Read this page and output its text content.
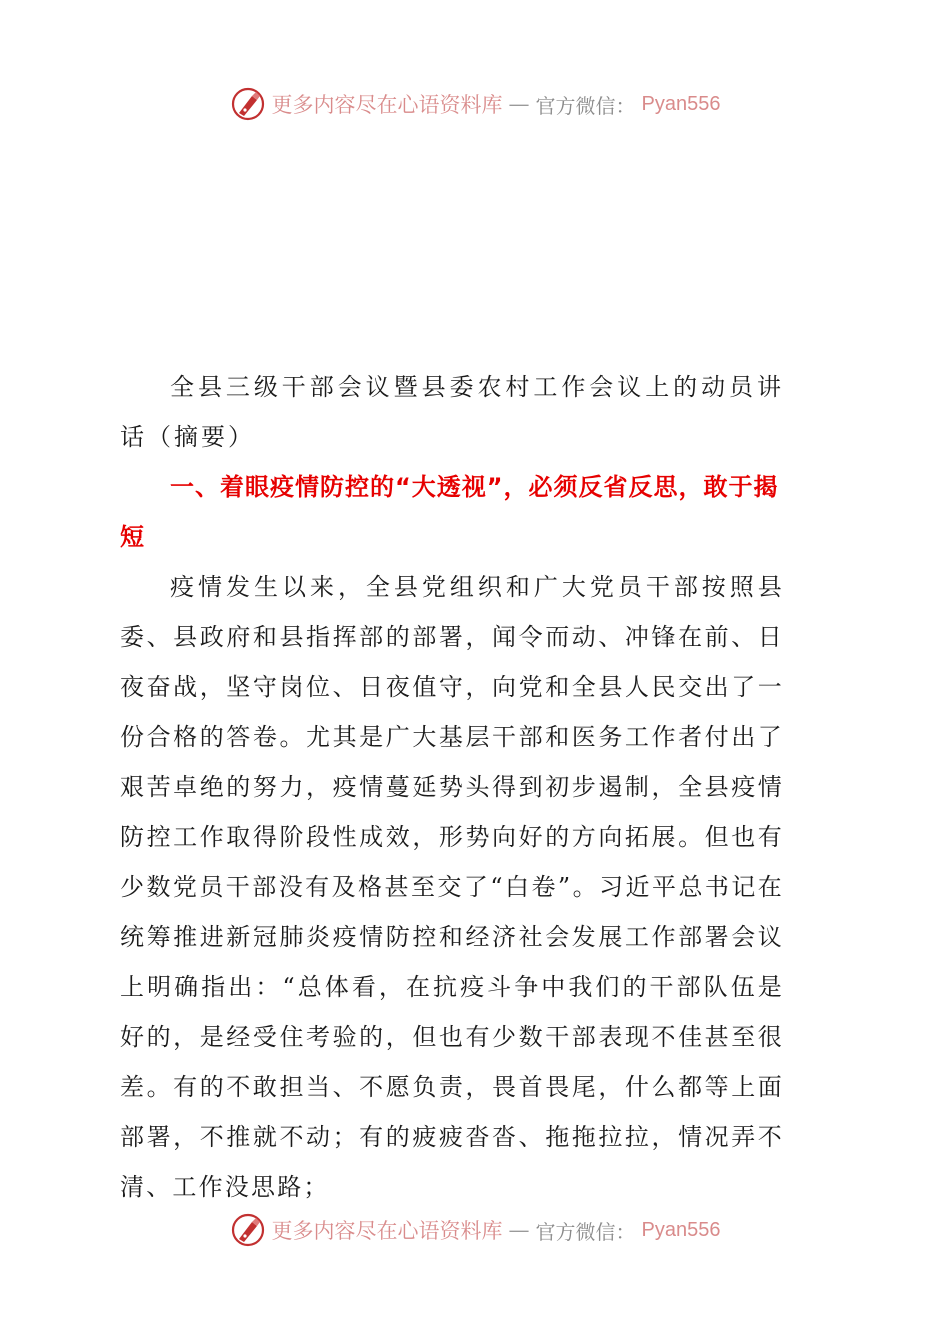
更多内容尽在心语资料库 — 官方微信： Pyan556

全县三级干部会议暨县委农村工作会议上的动员讲话（摘要）

一、着眼疫情防控的“大透视”，必须反省反思，敢于揭短

疫情发生以来，全县党组织和广大党员干部按照县委、县政府和县指挥部的部署，闻令而动、冲锋在前、日夜奋战，坚守岗位、日夜值守，向党和全县人民交出了一份合格的答卷。尤其是广大基层干部和医务工作者付出了艰苦卓绝的努力，疫情蔓延势头得到初步遏制，全县疫情防控工作取得阶段性成效，形势向好的方向拓展。但也有少数党员干部没有及格甚至交了“白卷”。习近平总书记在统筹推进新冠肺炎疫情防控和经济社会发展工作部署会议上明确指出：“总体看，在抗疫斗争中我们的干部队伍是好的，是经受住考验的，但也有少数干部表现不佳甚至很差。有的不敢担当、不愿负责，畏首畏尾，什么都等上面部署，不推就不动；有的疲疲沓沓、拖拖拉拉，情况弄不清、工作没思路；

更多内容尽在心语资料库 — 官方微信： Pyan556
